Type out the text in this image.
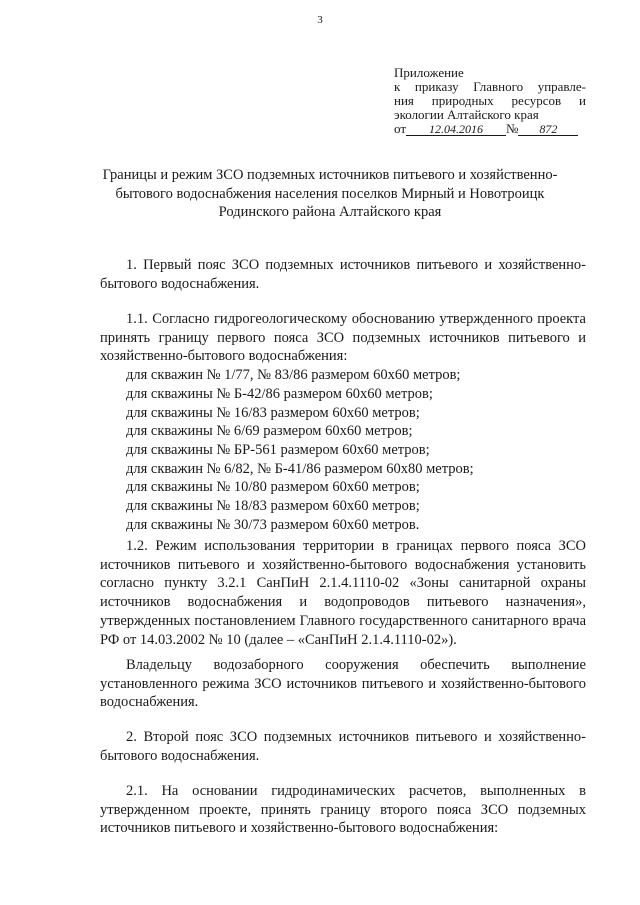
3
Приложение
к приказу Главного управле-
ния природных ресурсов и
экологии Алтайского края
от 12.04.2016 № 872
Границы и режим ЗСО подземных источников питьевого и хозяйственно-бытового водоснабжения населения поселков Мирный и Новотроицк Родинского района Алтайского края

1. Первый пояс ЗСО подземных источников питьевого и хозяйственно-бытового водоснабжения.

1.1. Согласно гидрогеологическому обоснованию утвержденного проекта принять границу первого пояса ЗСО подземных источников питьевого и хозяйственно-бытового водоснабжения:

для скважин № 1/77, № 83/86 размером 60х60 метров;
для скважины № Б-42/86 размером 60х60 метров;
для скважины № 16/83 размером 60х60 метров;
для скважины № 6/69 размером 60х60 метров;
для скважины № БР-561 размером 60х60 метров;
для скважин № 6/82, № Б-41/86 размером 60х80 метров;
для скважины № 10/80 размером 60х60 метров;
для скважины № 18/83 размером 60х60 метров;
для скважины № 30/73 размером 60х60 метров.

1.2. Режим использования территории в границах первого пояса ЗСО источников питьевого и хозяйственно-бытового водоснабжения установить согласно пункту 3.2.1 СанПиН 2.1.4.1110-02 «Зоны санитарной охраны источников водоснабжения и водопроводов питьевого назначения», утвержденных постановлением Главного государственного санитарного врача РФ от 14.03.2002 № 10 (далее – «СанПиН 2.1.4.1110-02»).

Владельцу водозаборного сооружения обеспечить выполнение установленного режима ЗСО источников питьевого и хозяйственно-бытового водоснабжения.

2. Второй пояс ЗСО подземных источников питьевого и хозяйственно-бытового водоснабжения.

2.1. На основании гидродинамических расчетов, выполненных в утвержденном проекте, принять границу второго пояса ЗСО подземных источников питьевого и хозяйственно-бытового водоснабжения:
